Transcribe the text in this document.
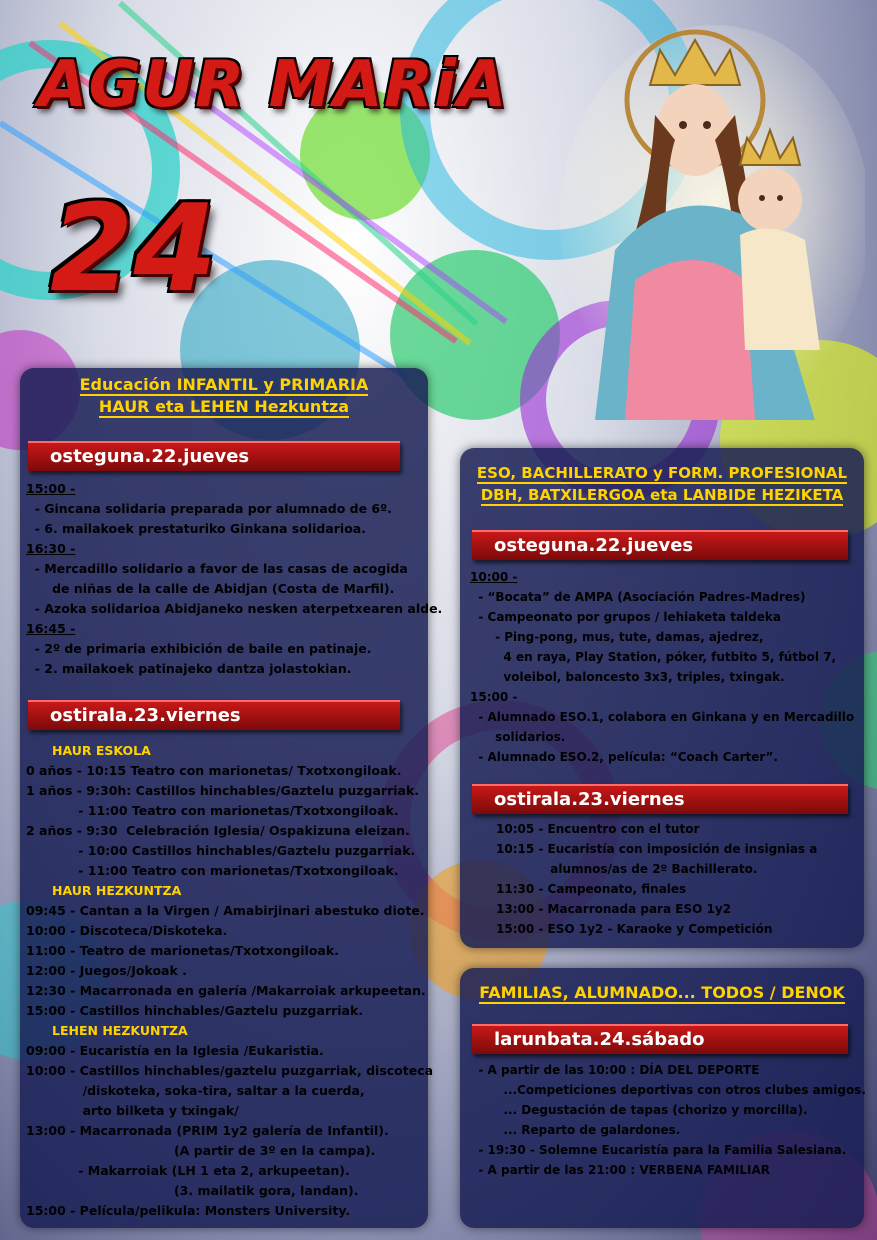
AGUR MARiA
24
Educación INFANTIL y PRIMARIA
HAUR eta LEHEN Hezkuntza
osteguna.22.jueves
15:00 -
- Gincana solidaria preparada por alumnado de 6º.
- 6. mailakoek prestaturiko Ginkana solidarioa.
16:30 -
- Mercadillo solidario a favor de las casas de acogida
de niñas de la calle de Abidjan (Costa de Marfil).
- Azoka solidarioa Abidjaneko nesken aterpetxearen alde.
16:45 -
- 2º de primaria exhibición de baile en patinaje.
- 2. mailakoek patinajeko dantza jolastokian.
ostirala.23.viernes
HAUR ESKOLA
0 años - 10:15 Teatro con marionetas/ Txotxongiloak.
1 años - 9:30h: Castillos hinchables/Gaztelu puzgarriak.
- 11:00 Teatro con marionetas/Txotxongiloak.
2 años - 9:30  Celebración Iglesia/ Ospakizuna eleizan.
- 10:00 Castillos hinchables/Gaztelu puzgarriak.
- 11:00 Teatro con marionetas/Txotxongiloak.
HAUR HEZKUNTZA
09:45 - Cantan a la Virgen / Amabirjinari abestuko diote.
10:00 - Discoteca/Diskoteka.
11:00 - Teatro de marionetas/Txotxongiloak.
12:00 - Juegos/Jokoak .
12:30 - Macarronada en galería /Makarroiak arkupeetan.
15:00 - Castillos hinchables/Gaztelu puzgarriak.
LEHEN HEZKUNTZA
09:00 - Eucaristía en la Iglesia /Eukaristia.
10:00 - Castillos hinchables/gaztelu puzgarriak, discoteca
/diskoteka, soka-tira, saltar a la cuerda,
arto bilketa y txingak/
13:00 - Macarronada (PRIM 1y2 galería de Infantil).
(A partir de 3º en la campa).
- Makarroiak (LH 1 eta 2, arkupeetan).
(3. mailatik gora, landan).
15:00 - Película/pelikula: Monsters University.
ESO, BACHILLERATO y FORM. PROFESIONAL
DBH, BATXILERGOA eta LANBIDE HEZIKETA
osteguna.22.jueves
10:00 -
- “Bocata” de AMPA (Asociación Padres-Madres)
- Campeonato por grupos / lehiaketa taldeka
- Ping-pong, mus, tute, damas, ajedrez,
4 en raya, Play Station, póker, futbito 5, fútbol 7,
voleibol, baloncesto 3x3, triples, txingak.
15:00 -
- Alumnado ESO.1, colabora en Ginkana y en Mercadillo
solidarios.
- Alumnado ESO.2, película: “Coach Carter”.
ostirala.23.viernes
10:05 - Encuentro con el tutor
10:15 - Eucaristía con imposición de insignias a
alumnos/as de 2º Bachillerato.
11:30 - Campeonato, finales
13:00 - Macarronada para ESO 1y2
15:00 - ESO 1y2 - Karaoke y Competición
FAMILIAS, ALUMNADO... TODOS / DENOK
larunbata.24.sábado
- A partir de las 10:00 : DÍA DEL DEPORTE
...Competiciones deportivas con otros clubes amigos.
... Degustación de tapas (chorizo y morcilla).
... Reparto de galardones.
- 19:30 - Solemne Eucaristía para la Familia Salesiana.
- A partir de las 21:00 : VERBENA FAMILIAR
